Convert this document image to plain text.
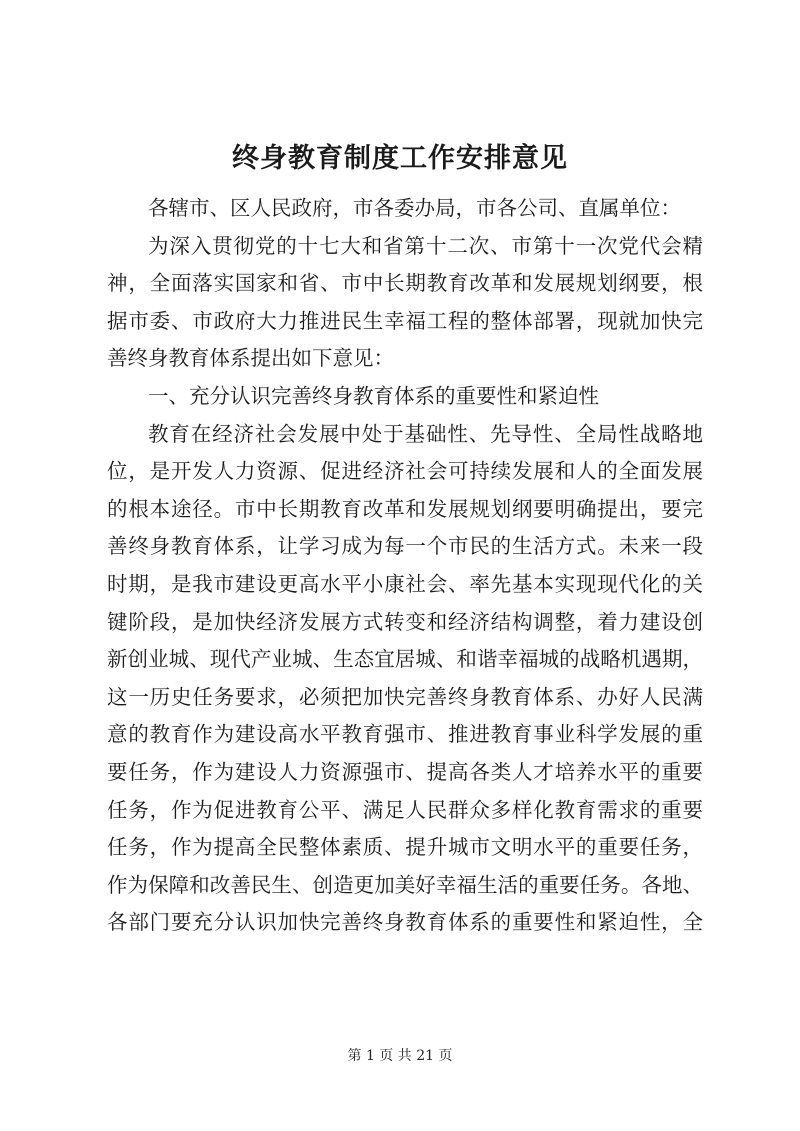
终身教育制度工作安排意见
各辖市、区人民政府，市各委办局，市各公司、直属单位：
为深入贯彻党的十七大和省第十二次、市第十一次党代会精
神，全面落实国家和省、市中长期教育改革和发展规划纲要，根
据市委、市政府大力推进民生幸福工程的整体部署，现就加快完
善终身教育体系提出如下意见：
一、充分认识完善终身教育体系的重要性和紧迫性
教育在经济社会发展中处于基础性、先导性、全局性战略地
位，是开发人力资源、促进经济社会可持续发展和人的全面发展
的根本途径。市中长期教育改革和发展规划纲要明确提出，要完
善终身教育体系，让学习成为每一个市民的生活方式。未来一段
时期，是我市建设更高水平小康社会、率先基本实现现代化的关
键阶段，是加快经济发展方式转变和经济结构调整，着力建设创
新创业城、现代产业城、生态宜居城、和谐幸福城的战略机遇期，
这一历史任务要求，必须把加快完善终身教育体系、办好人民满
意的教育作为建设高水平教育强市、推进教育事业科学发展的重
要任务，作为建设人力资源强市、提高各类人才培养水平的重要
任务，作为促进教育公平、满足人民群众多样化教育需求的重要
任务，作为提高全民整体素质、提升城市文明水平的重要任务，
作为保障和改善民生、创造更加美好幸福生活的重要任务。各地、
各部门要充分认识加快完善终身教育体系的重要性和紧迫性，全
第 1 页 共 21 页
